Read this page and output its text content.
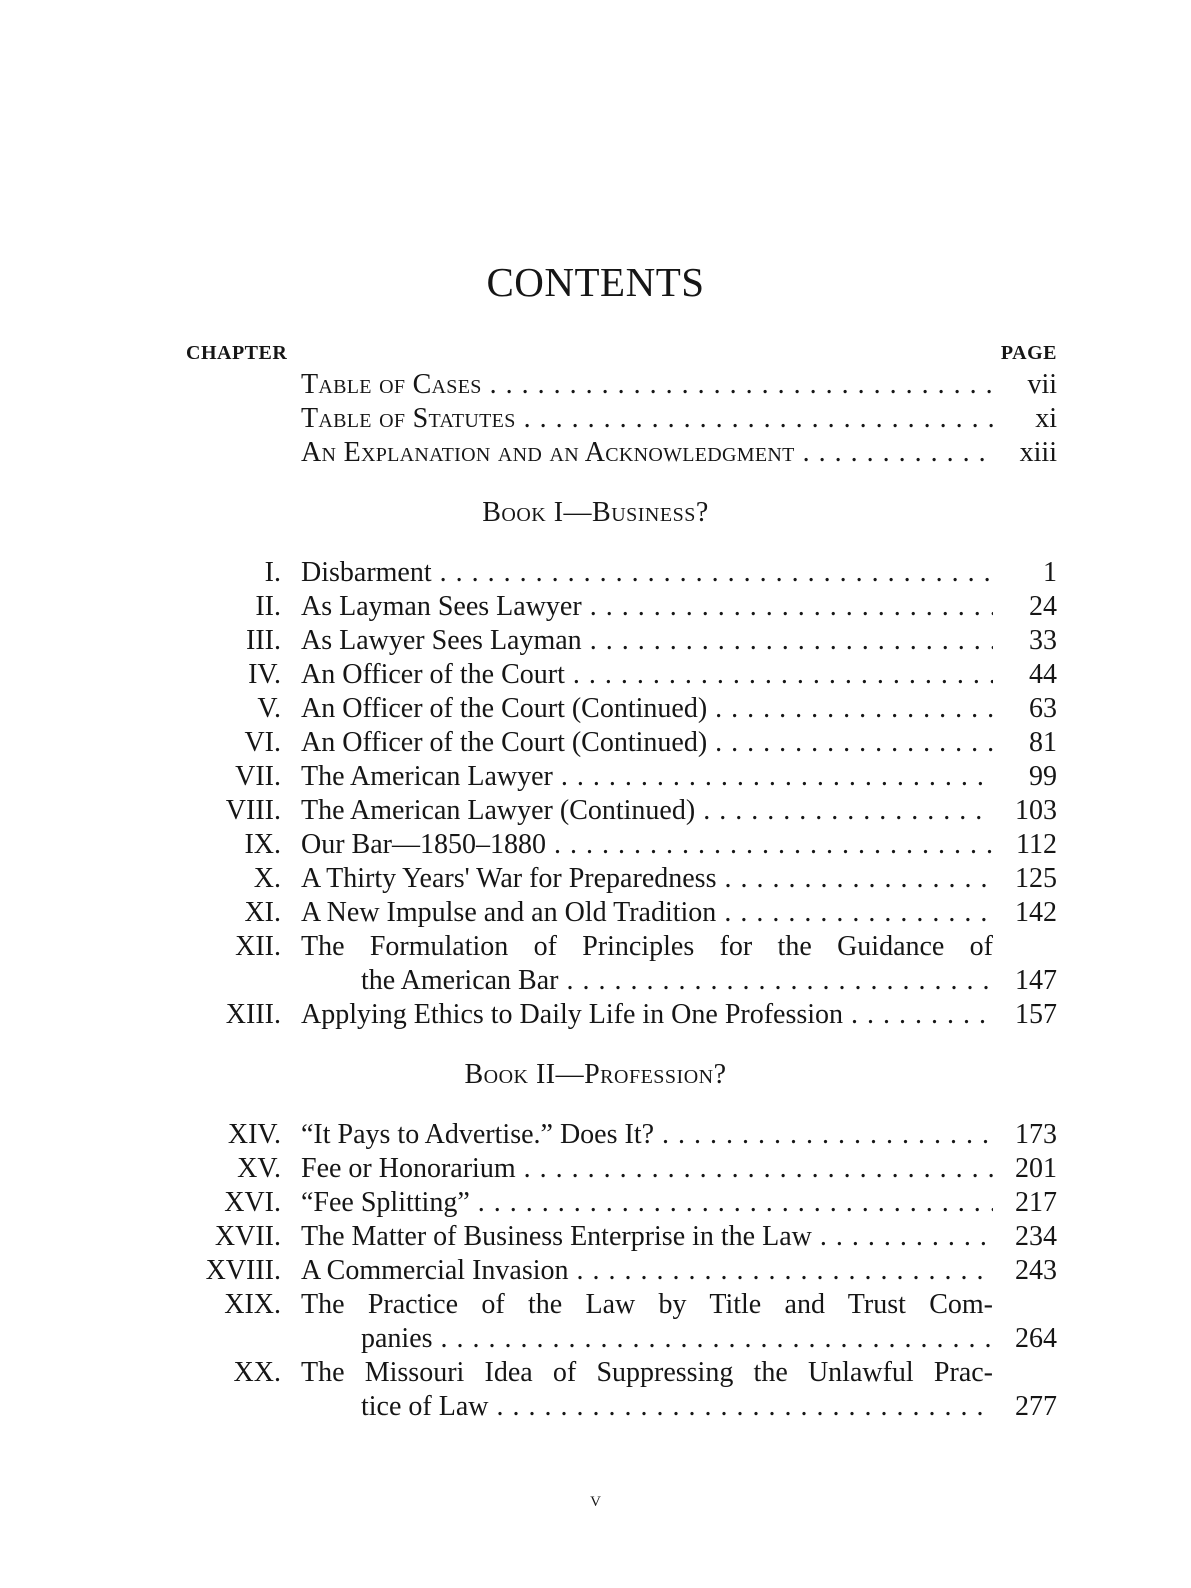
CONTENTS
CHAPTER	PAGE
Table of Cases . . .	vii
Table of Statutes . . .	xi
An Explanation and an Acknowledgment . . .	xiii
Book I—Business?
I. Disbarment . . .	1
II. As Layman Sees Lawyer . . .	24
III. As Lawyer Sees Layman . . .	33
IV. An Officer of the Court . . .	44
V. An Officer of the Court (Continued) . . .	63
VI. An Officer of the Court (Continued) . . .	81
VII. The American Lawyer . . .	99
VIII. The American Lawyer (Continued) . . .	103
IX. Our Bar—1850–1880 . . .	112
X. A Thirty Years' War for Preparedness . . .	125
XI. A New Impulse and an Old Tradition . . .	142
XII. The Formulation of Principles for the Guidance of
the American Bar . . .	147
XIII. Applying Ethics to Daily Life in One Profession . . .	157
Book II—Profession?
XIV. “It Pays to Advertise.” Does It? . . .	173
XV. Fee or Honorarium . . .	201
XVI. “Fee Splitting” . . .	217
XVII. The Matter of Business Enterprise in the Law . . .	234
XVIII. A Commercial Invasion . . .	243
XIX. The Practice of the Law by Title and Trust Com-
panies . . .	264
XX. The Missouri Idea of Suppressing the Unlawful Prac-
tice of Law . . .	277
v
